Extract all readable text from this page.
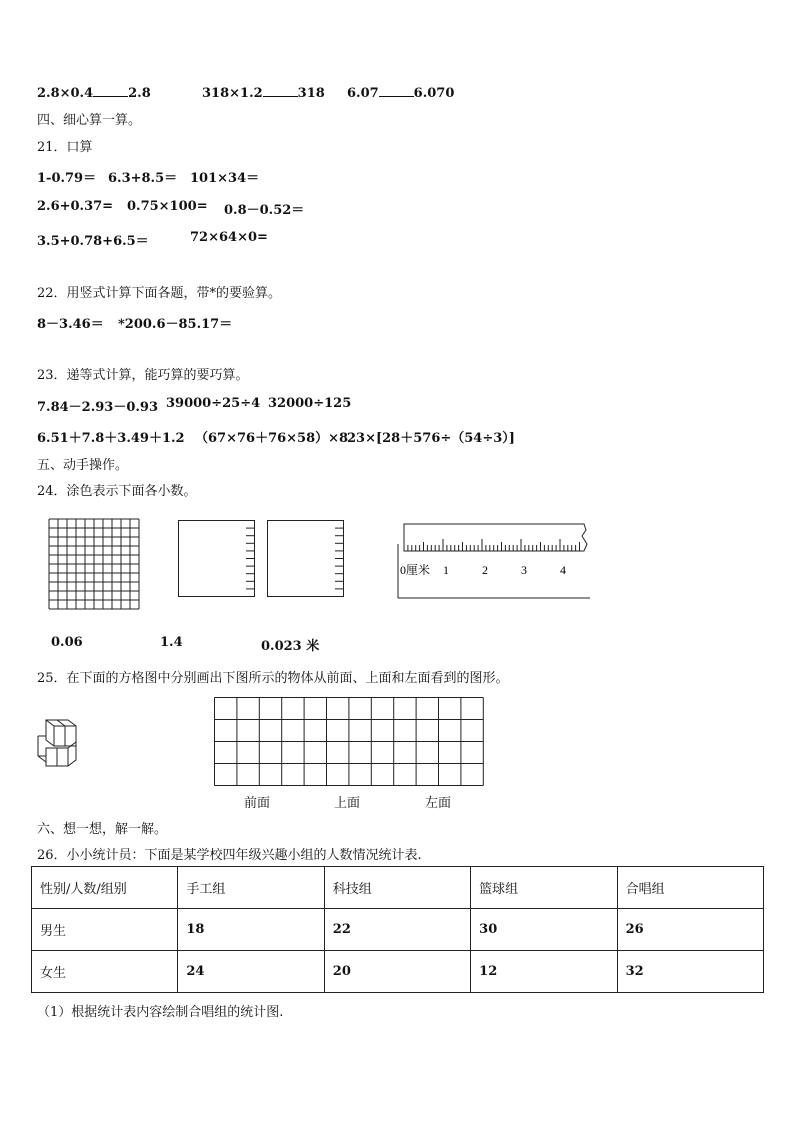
2.8×0.4	2.8	318×1.2	318 6.07	6.070
四、细心算一算。
21．口算
1-0.79＝ 6.3+8.5＝ 101×34＝
2.6+0.37= 0.75×100= 0.8－0.52＝
3.5+0.78+6.5＝	72×64×0=
22．用竖式计算下面各题，带*的要验算。
8－3.46＝ *200.6－85.17＝
23．递等式计算，能巧算的要巧算。
7.84－2.93－0.93 39000÷25÷4 32000÷125
6.51＋7.8＋3.49＋1.2 （67×76＋76×58）×8
23×[28＋576÷（54÷3）]
五、动手操作。
24．涂色表示下面各小数。
0厘米 1	2	3	4
0.06	1.4	0.023 米
25．在下面的方格图中分别画出下图所示的物体从前面、上面和左面看到的图形。
前面	上面	左面
六、想一想，解一解。
26．小小统计员：下面是某学校四年级兴趣小组的人数情况统计表.
性别/人数/组别	手工组	科技组	篮球组	合唱组
男生	18	22	30	26
女生	24	20	12	32
（1）根据统计表内容绘制合唱组的统计图.
